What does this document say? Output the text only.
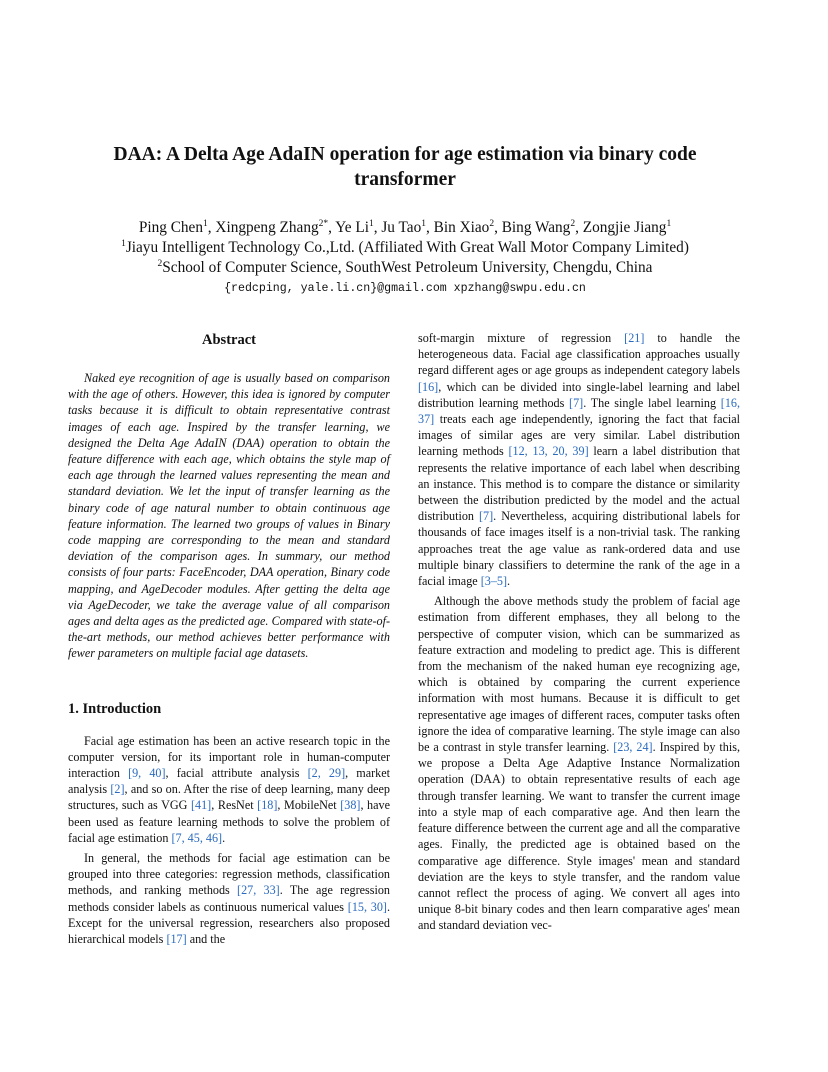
DAA: A Delta Age AdaIN operation for age estimation via binary code
transformer
Ping Chen$^1$, Xingpeng Zhang$^{2*}$, Ye Li$^1$, Ju Tao$^1$, Bin Xiao$^2$, Bing Wang$^2$, Zongjie Jiang$^1$
$^1$Jiayu Intelligent Technology Co.,Ltd. (Affiliated With Great Wall Motor Company Limited)
$^2$School of Computer Science, SouthWest Petroleum University, Chengdu, China
{redcping, yale.li.cn}@gmail.com xpzhang@swpu.edu.cn
Abstract

Naked eye recognition of age is usually based on comparison with the age of others. However, this idea is ignored by computer tasks because it is difficult to obtain representative contrast images of each age. Inspired by the transfer learning, we designed the Delta Age AdaIN (DAA) operation to obtain the feature difference with each age, which obtains the style map of each age through the learned values representing the mean and standard deviation. We let the input of transfer learning as the binary code of age natural number to obtain continuous age feature information. The learned two groups of values in Binary code mapping are corresponding to the mean and standard deviation of the comparison ages. In summary, our method consists of four parts: FaceEncoder, DAA operation, Binary code mapping, and AgeDecoder modules. After getting the delta age via AgeDecoder, we take the average value of all comparison ages and delta ages as the predicted age. Compared with state-of-the-art methods, our method achieves better performance with fewer parameters on multiple facial age datasets.

1. Introduction

Facial age estimation has been an active research topic in the computer version, for its important role in human-computer interaction [9, 40], facial attribute analysis [2, 29], market analysis [2], and so on. After the rise of deep learning, many deep structures, such as VGG [41], ResNet [18], MobileNet [38], have been used as feature learning methods to solve the problem of facial age estimation [7, 45, 46].

In general, the methods for facial age estimation can be grouped into three categories: regression methods, classification methods, and ranking methods [27, 33]. The age regression methods consider labels as continuous numerical values [15, 30]. Except for the universal regression, researchers also proposed hierarchical models [17] and the

soft-margin mixture of regression [21] to handle the heterogeneous data. Facial age classification approaches usually regard different ages or age groups as independent category labels [16], which can be divided into single-label learning and label distribution learning methods [7]. The single label learning [16, 37] treats each age independently, ignoring the fact that facial images of similar ages are very similar. Label distribution learning methods [12, 13, 20, 39] learn a label distribution that represents the relative importance of each label when describing an instance. This method is to compare the distance or similarity between the distribution predicted by the model and the actual distribution [7]. Nevertheless, acquiring distributional labels for thousands of face images itself is a non-trivial task. The ranking approaches treat the age value as rank-ordered data and use multiple binary classifiers to determine the rank of the age in a facial image [3–5].

Although the above methods study the problem of facial age estimation from different emphases, they all belong to the perspective of computer vision, which can be summarized as feature extraction and modeling to predict age. This is different from the mechanism of the naked human eye recognizing age, which is obtained by comparing the current experience information with most humans. Because it is difficult to get representative age images of different races, computer tasks often ignore the idea of comparative learning. The style image can also be a contrast in style transfer learning. [23, 24]. Inspired by this, we propose a Delta Age Adaptive Instance Normalization operation (DAA) to obtain representative results of each age through transfer learning. We want to transfer the current image into a style map of each comparative age. And then learn the feature difference between the current age and all the comparative ages. Finally, the predicted age is obtained based on the comparative age difference. Style images' mean and standard deviation are the keys to style transfer, and the random value cannot reflect the process of aging. We convert all ages into unique 8-bit binary codes and then learn comparative ages' mean and standard deviation vec-
